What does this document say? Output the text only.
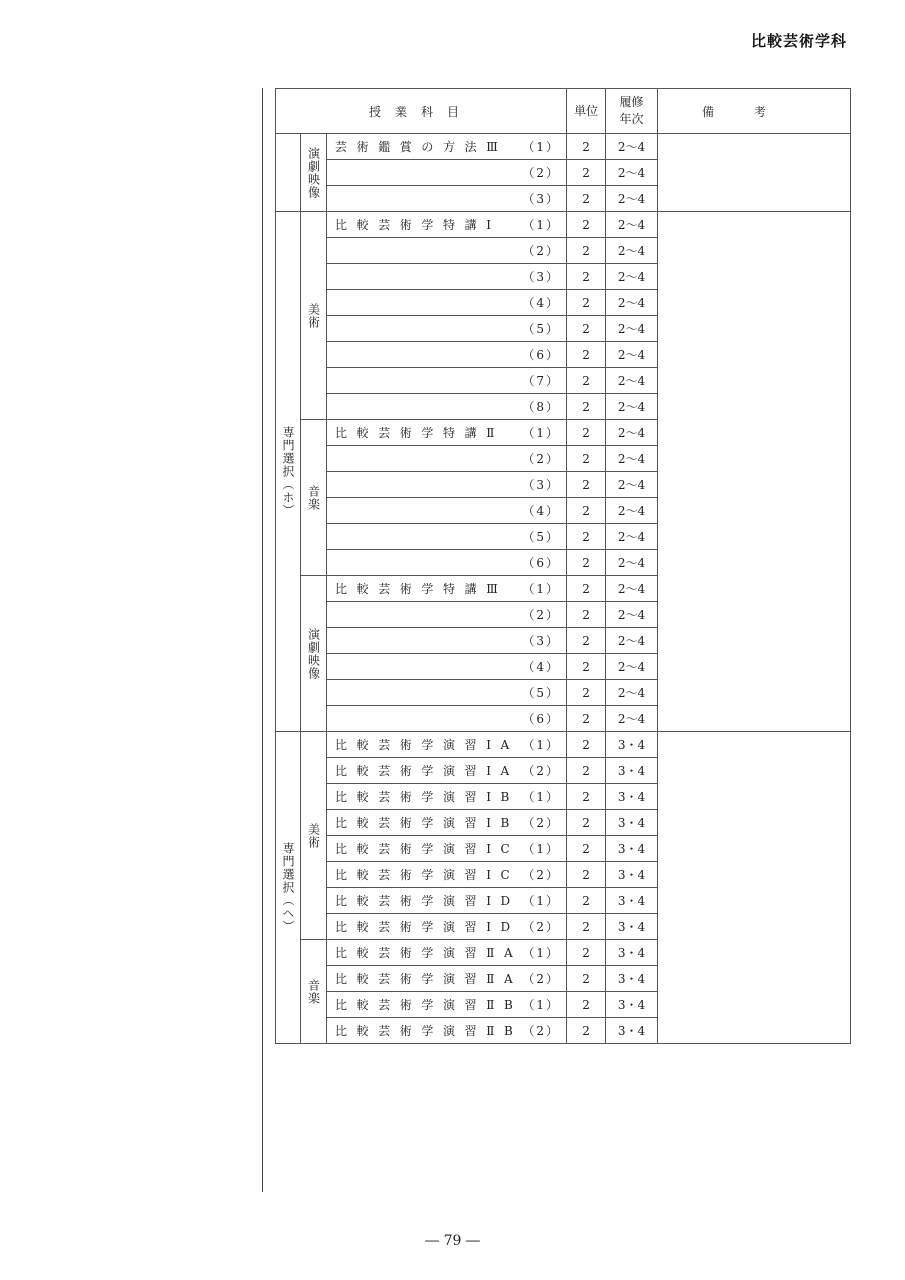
比較芸術学科
授業科目			単位	履修年次	備考
	演劇映像	芸術鑑賞の方法Ⅲ （1）	2	2〜4	

		（2）	2	2〜4	

		（3）	2	2〜4	
専門選択（ホ）	美術	比較芸術学特講Ⅰ （1）	2	2〜4	

		（2）	2	2〜4	

		（3）	2	2〜4	

		（4）	2	2〜4	

		（5）	2	2〜4	

		（6）	2	2〜4	

		（7）	2	2〜4	

		（8）	2	2〜4	
	音楽	比較芸術学特講Ⅱ （1）	2	2〜4	

		（2）	2	2〜4	

		（3）	2	2〜4	

		（4）	2	2〜4	

		（5）	2	2〜4	

		（6）	2	2〜4	
	演劇映像	比較芸術学特講Ⅲ （1）	2	2〜4	

		（2）	2	2〜4	

		（3）	2	2〜4	

		（4）	2	2〜4	

		（5）	2	2〜4	

		（6）	2	2〜4	
専門選択（ヘ）	美術	比較芸術学演習ⅠA （1）	2	3・4	

		比較芸術学演習ⅠA （2）	2	3・4	

		比較芸術学演習ⅠB （1）	2	3・4	

		比較芸術学演習ⅠB （2）	2	3・4	

		比較芸術学演習ⅠC （1）	2	3・4	

		比較芸術学演習ⅠC （2）	2	3・4	

		比較芸術学演習ⅠD （1）	2	3・4	

		比較芸術学演習ⅠD （2）	2	3・4	
	音楽	比較芸術学演習ⅡA （1）	2	3・4	

		比較芸術学演習ⅡA （2）	2	3・4	

		比較芸術学演習ⅡB （1）	2	3・4	

		比較芸術学演習ⅡB （2）	2	3・4	
― 79 ―
